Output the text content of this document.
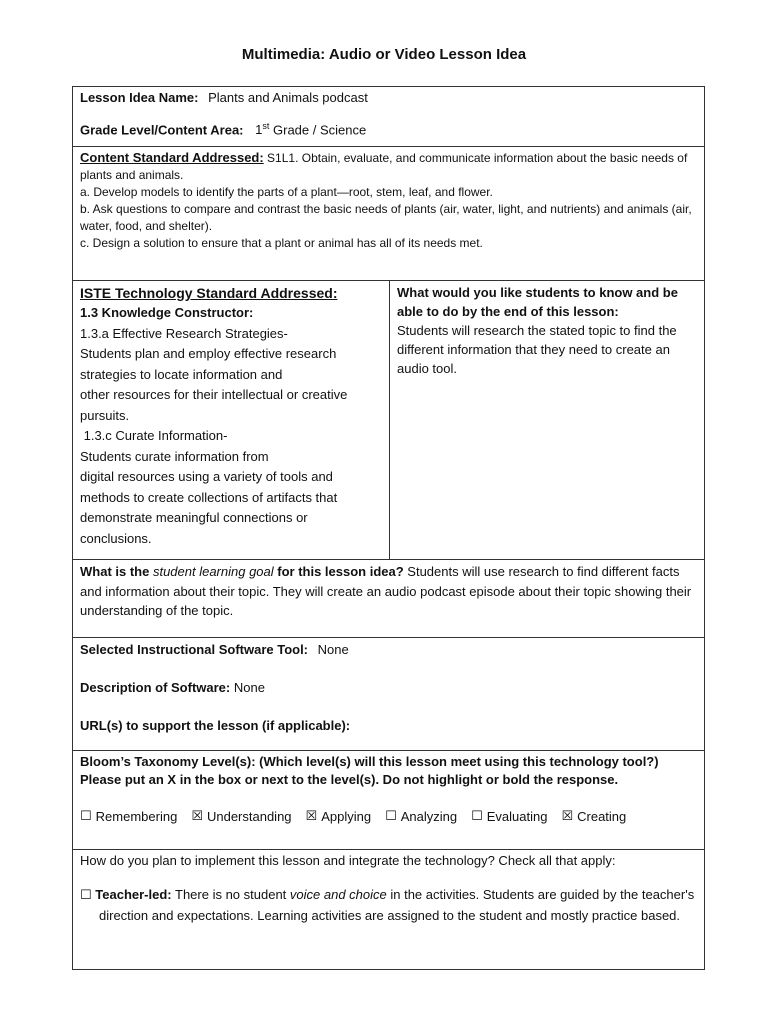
Multimedia: Audio or Video Lesson Idea

Lesson Idea Name: Plants and Animals podcast

Grade Level/Content Area: 1st Grade / Science

Content Standard Addressed: S1L1. Obtain, evaluate, and communicate information about the basic needs of plants and animals.

a. Develop models to identify the parts of a plant—root, stem, leaf, and flower.

b. Ask questions to compare and contrast the basic needs of plants (air, water, light, and nutrients) and animals (air, water, food, and shelter).

c. Design a solution to ensure that a plant or animal has all of its needs met.

ISTE Technology Standard Addressed:

1.3 Knowledge Constructor:

1.3.a Effective Research Strategies-

Students plan and employ effective research strategies to locate information and

other resources for their intellectual or creative pursuits.

1.3.c Curate Information-

Students curate information from

digital resources using a variety of tools and methods to create collections of artifacts that demonstrate meaningful connections or conclusions.

What would you like students to know and be able to do by the end of this lesson:

Students will research the stated topic to find the different information that they need to create an audio tool.

What is the student learning goal for this lesson idea? Students will use research to find different facts and information about their topic. They will create an audio podcast episode about their topic showing their understanding of the topic.

Selected Instructional Software Tool: None

Description of Software: None

URL(s) to support the lesson (if applicable):

Bloom’s Taxonomy Level(s): (Which level(s) will this lesson meet using this technology tool?)

Please put an X in the box or next to the level(s). Do not highlight or bold the response.

☐ Remembering ☒ Understanding ☒ Applying ☐ Analyzing ☐ Evaluating ☒ Creating

How do you plan to implement this lesson and integrate the technology? Check all that apply:

☐ Teacher-led: There is no student voice and choice in the activities. Students are guided by the teacher's direction and expectations. Learning activities are assigned to the student and mostly practice based.
